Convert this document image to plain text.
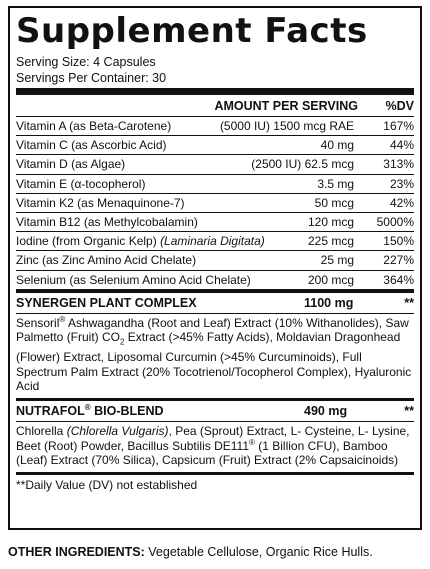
Supplement Facts
Serving Size: 4 Capsules
Servings Per Container: 30
AMOUNT PER SERVING	%DV
Vitamin A (as Beta-Carotene)	(5000 IU) 1500 mcg RAE	167%
Vitamin C (as Ascorbic Acid)	40 mg	44%
Vitamin D (as Algae)	(2500 IU) 62.5 mcg	313%
Vitamin E (α-tocopherol)	3.5 mg	23%
Vitamin K2 (as Menaquinone-7)	50 mcg	42%
Vitamin B12 (as Methylcobalamin)	120 mcg	5000%
Iodine (from Organic Kelp) (Laminaria Digitata)	225 mcg	150%
Zinc (as Zinc Amino Acid Chelate)	25 mg	227%
Selenium (as Selenium Amino Acid Chelate)	200 mcg	364%
SYNERGEN PLANT COMPLEX	1100 mg	**
Sensoril® Ashwagandha (Root and Leaf) Extract (10% Withanolides), Saw Palmetto (Fruit) $CO_2$ Extract (>45% Fatty Acids), Moldavian Dragonhead (Flower) Extract, Liposomal Curcumin (>45% Curcuminoids), Full Spectrum Palm Extract (20% Tocotrienol/Tocopherol Complex), Hyaluronic Acid
NUTRAFOL® BIO-BLEND	490 mg	**
Chlorella (Chlorella Vulgaris), Pea (Sprout) Extract, L- Cysteine, L- Lysine, Beet (Root) Powder, Bacillus Subtilis DE111® (1 Billion CFU), Bamboo (Leaf) Extract (70% Silica), Capsicum (Fruit) Extract (2% Capsaicinoids)
**Daily Value (DV) not established
OTHER INGREDIENTS: Vegetable Cellulose, Organic Rice Hulls.
